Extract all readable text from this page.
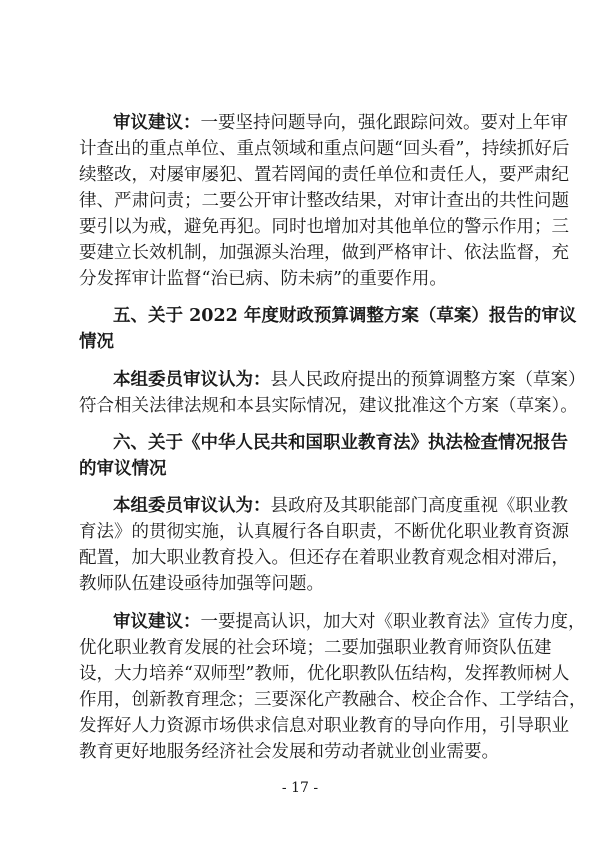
审议建议：一要坚持问题导向，强化跟踪问效。要对上年审
计查出的重点单位、重点领域和重点问题“回头看”，持续抓好后
续整改，对屡审屡犯、置若罔闻的责任单位和责任人，要严肃纪
律、严肃问责；二要公开审计整改结果，对审计查出的共性问题
要引以为戒，避免再犯。同时也增加对其他单位的警示作用；三
要建立长效机制，加强源头治理，做到严格审计、依法监督，充
分发挥审计监督“治已病、防未病”的重要作用。
五、关于 2022 年度财政预算调整方案（草案）报告的审议
情况
本组委员审议认为：县人民政府提出的预算调整方案（草案）
符合相关法律法规和本县实际情况，建议批准这个方案（草案）。
六、关于《中华人民共和国职业教育法》执法检查情况报告
的审议情况
本组委员审议认为：县政府及其职能部门高度重视《职业教
育法》的贯彻实施，认真履行各自职责，不断优化职业教育资源
配置，加大职业教育投入。但还存在着职业教育观念相对滞后，
教师队伍建设亟待加强等问题。
审议建议：一要提高认识，加大对《职业教育法》宣传力度，
优化职业教育发展的社会环境；二要加强职业教育师资队伍建
设，大力培养“双师型”教师，优化职教队伍结构，发挥教师树人
作用，创新教育理念；三要深化产教融合、校企合作、工学结合，
发挥好人力资源市场供求信息对职业教育的导向作用，引导职业
教育更好地服务经济社会发展和劳动者就业创业需要。
- 17 -
